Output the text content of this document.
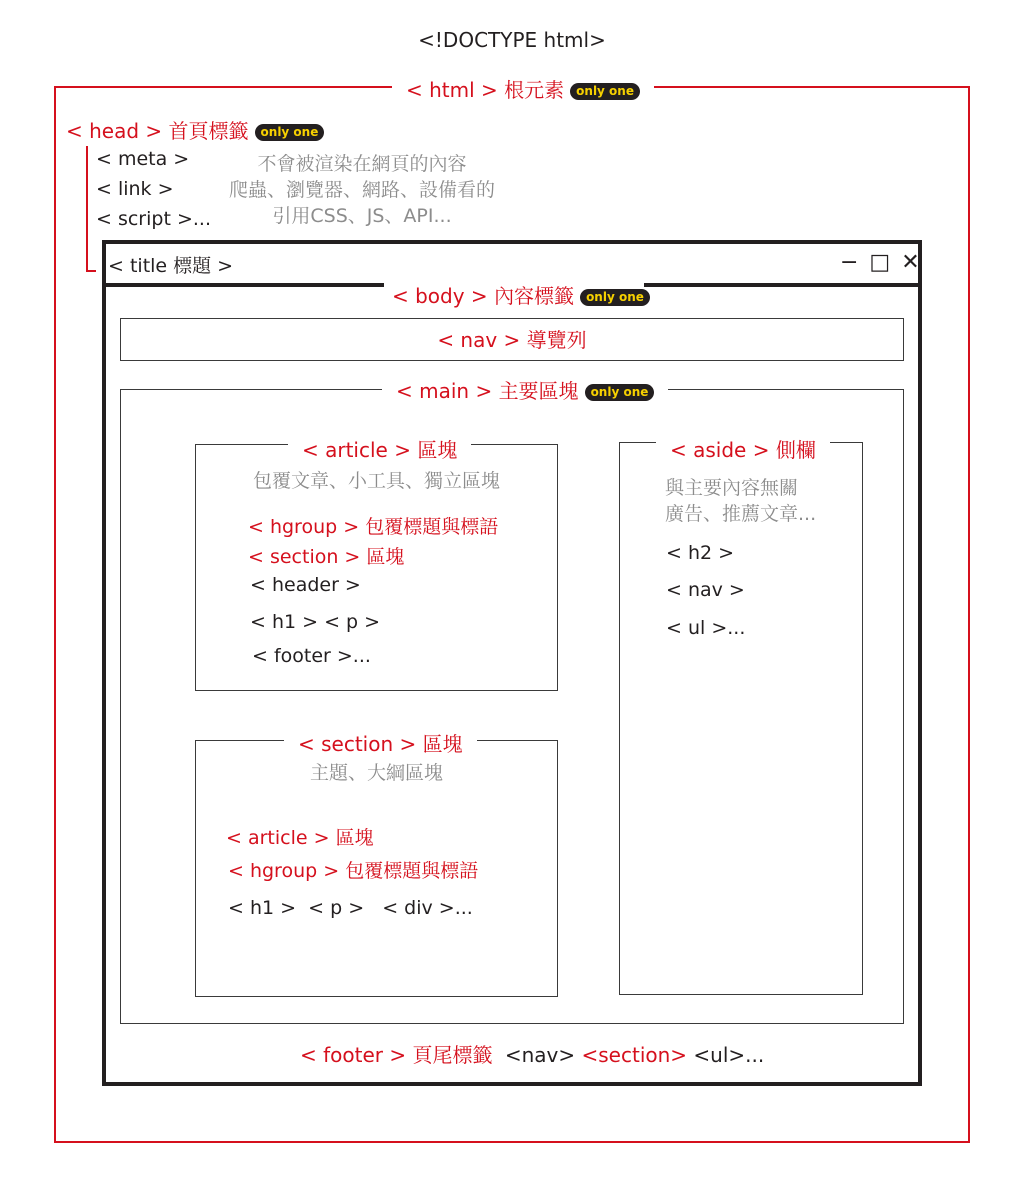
<!DOCTYPE html>
< html > 根元素 only one
< head > 首頁標籤 only one
< meta >
< link >
< script >...
不會被渲染在網頁的內容
爬蟲、瀏覽器、網路、設備看的
引用CSS、JS、API...
< title 標題 >	− □ ✕
< body > 內容標籤 only one
< nav > 導覽列
< main > 主要區塊 only one
< article > 區塊
包覆文章、小工具、獨立區塊
< hgroup > 包覆標題與標語
< section > 區塊
< header >
< h1 > < p >
< footer >...
< section > 區塊
主題、大綱區塊
< article > 區塊
< hgroup > 包覆標題與標語
< h1 >  < p >   < div >...
< aside > 側欄
與主要內容無關
廣告、推薦文章...
< h2 >
< nav >
< ul >...
< footer > 頁尾標籤 <nav> <section> <ul>...
